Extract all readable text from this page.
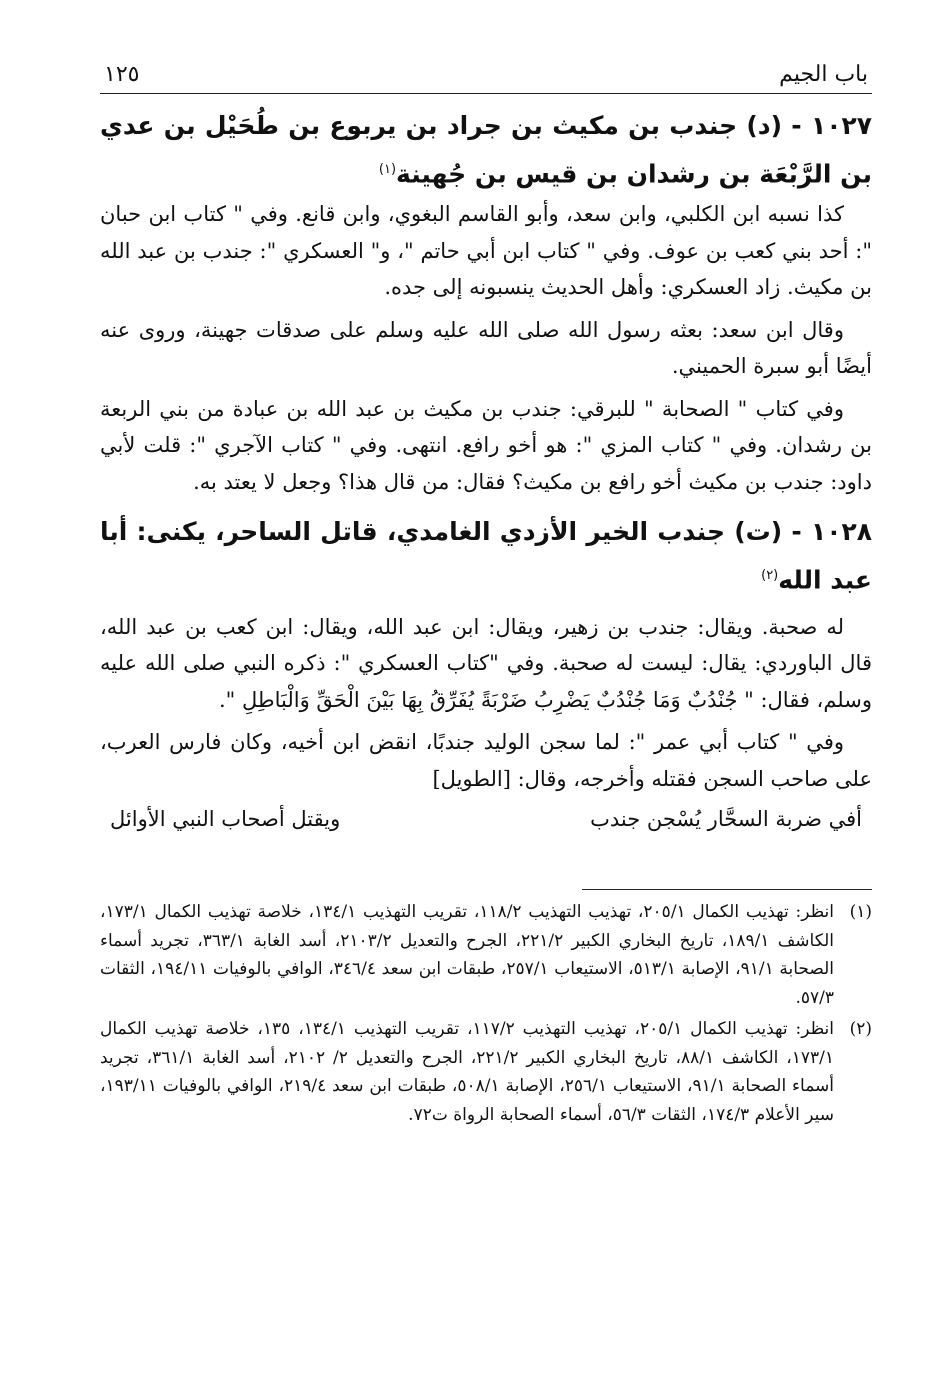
باب الجيم
١٢٥

١٠٢٧ - (د) جندب بن مكيث بن جراد بن يربوع بن طُحَيْل بن عدي بن الرَّبْعَة بن رشدان بن قيس بن جُهينة$^{(١)}$

كذا نسبه ابن الكلبي، وابن سعد، وأبو القاسم البغوي، وابن قانع. وفي " كتاب ابن حبان ": أحد بني كعب بن عوف. وفي " كتاب ابن أبي حاتم "، و" العسكري ": جندب بن عبد الله بن مكيث. زاد العسكري: وأهل الحديث ينسبونه إلى جده.

وقال ابن سعد: بعثه رسول الله صلى الله عليه وسلم على صدقات جهينة، وروى عنه أيضًا أبو سبرة الحميني.

وفي كتاب " الصحابة " للبرقي: جندب بن مكيث بن عبد الله بن عبادة من بني الربعة بن رشدان. وفي " كتاب المزي ": هو أخو رافع. انتهى. وفي " كتاب الآجري ": قلت لأبي داود: جندب بن مكيث أخو رافع بن مكيث؟ فقال: من قال هذا؟ وجعل لا يعتد به.

١٠٢٨ - (ت) جندب الخير الأزدي الغامدي، قاتل الساحر، يكنى: أبا عبد الله$^{(٢)}$

له صحبة. ويقال: جندب بن زهير، ويقال: ابن عبد الله، ويقال: ابن كعب بن عبد الله، قال الباوردي: يقال: ليست له صحبة. وفي "كتاب العسكري ": ذكره النبي صلى الله عليه وسلم، فقال: " جُنْدُبٌ وَمَا جُنْدُبٌ يَضْرِبُ ضَرْبَةً يُفَرِّقُ بِهَا بَيْنَ الْحَقِّ وَالْبَاطِلِ ".

وفي " كتاب أبي عمر ": لما سجن الوليد جندبًا، انقض ابن أخيه، وكان فارس العرب، على صاحب السجن فقتله وأخرجه، وقال: [الطويل]

أفي ضربة السحَّار يُسْجن جندب
ويقتل أصحاب النبي الأوائل
(١)
انظر: تهذيب الكمال ٢٠٥/١، تهذيب التهذيب ١١٨/٢، تقريب التهذيب ١٣٤/١، خلاصة تهذيب الكمال ١٧٣/١، الكاشف ١٨٩/١، تاريخ البخاري الكبير ٢٢١/٢، الجرح والتعديل ٢١٠٣/٢، أسد الغابة ٣٦٣/١، تجريد أسماء الصحابة ٩١/١، الإصابة ٥١٣/١، الاستيعاب ٢٥٧/١، طبقات ابن سعد ٣٤٦/٤، الوافي بالوفيات ١٩٤/١١، الثقات ٥٧/٣.
(٢)
انظر: تهذيب الكمال ٢٠٥/١، تهذيب التهذيب ١١٧/٢، تقريب التهذيب ١٣٤/١، ١٣٥، خلاصة تهذيب الكمال ١٧٣/١، الكاشف ٨٨/١، تاريخ البخاري الكبير ٢٢١/٢، الجرح والتعديل ٢/ ٢١٠٢، أسد الغابة ٣٦١/١، تجريد أسماء الصحابة ٩١/١، الاستيعاب ٢٥٦/١، الإصابة ٥٠٨/١، طبقات ابن سعد ٢١٩/٤، الوافي بالوفيات ١٩٣/١١، سير الأعلام ١٧٤/٣، الثقات ٥٦/٣، أسماء الصحابة الرواة ت٧٢.
